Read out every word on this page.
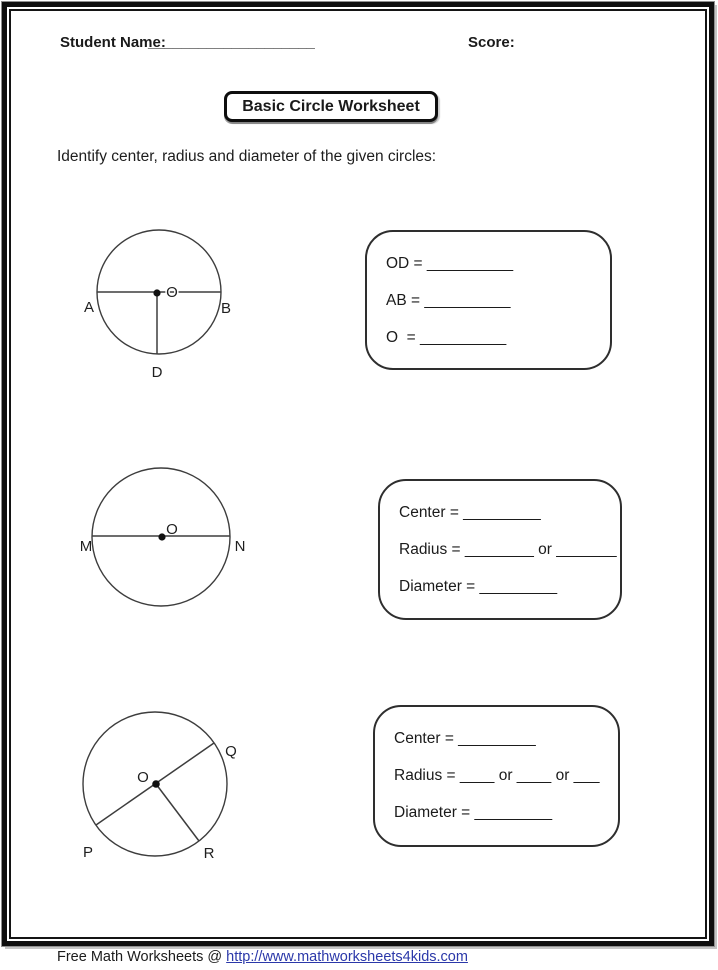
Student Name:
____________________	Score:
Basic Circle Worksheet
Identify center, radius and diameter of the given circles:
O
A	B
D
OD = __________
AB = __________
O  = __________
O
M	N
Center = _________
Radius = ________ or _______
Diameter = _________
O
Q
P	R
Center = _________
Radius = ____ or ____ or ___
Diameter = _________
Free Math Worksheets @ http://www.mathworksheets4kids.com
